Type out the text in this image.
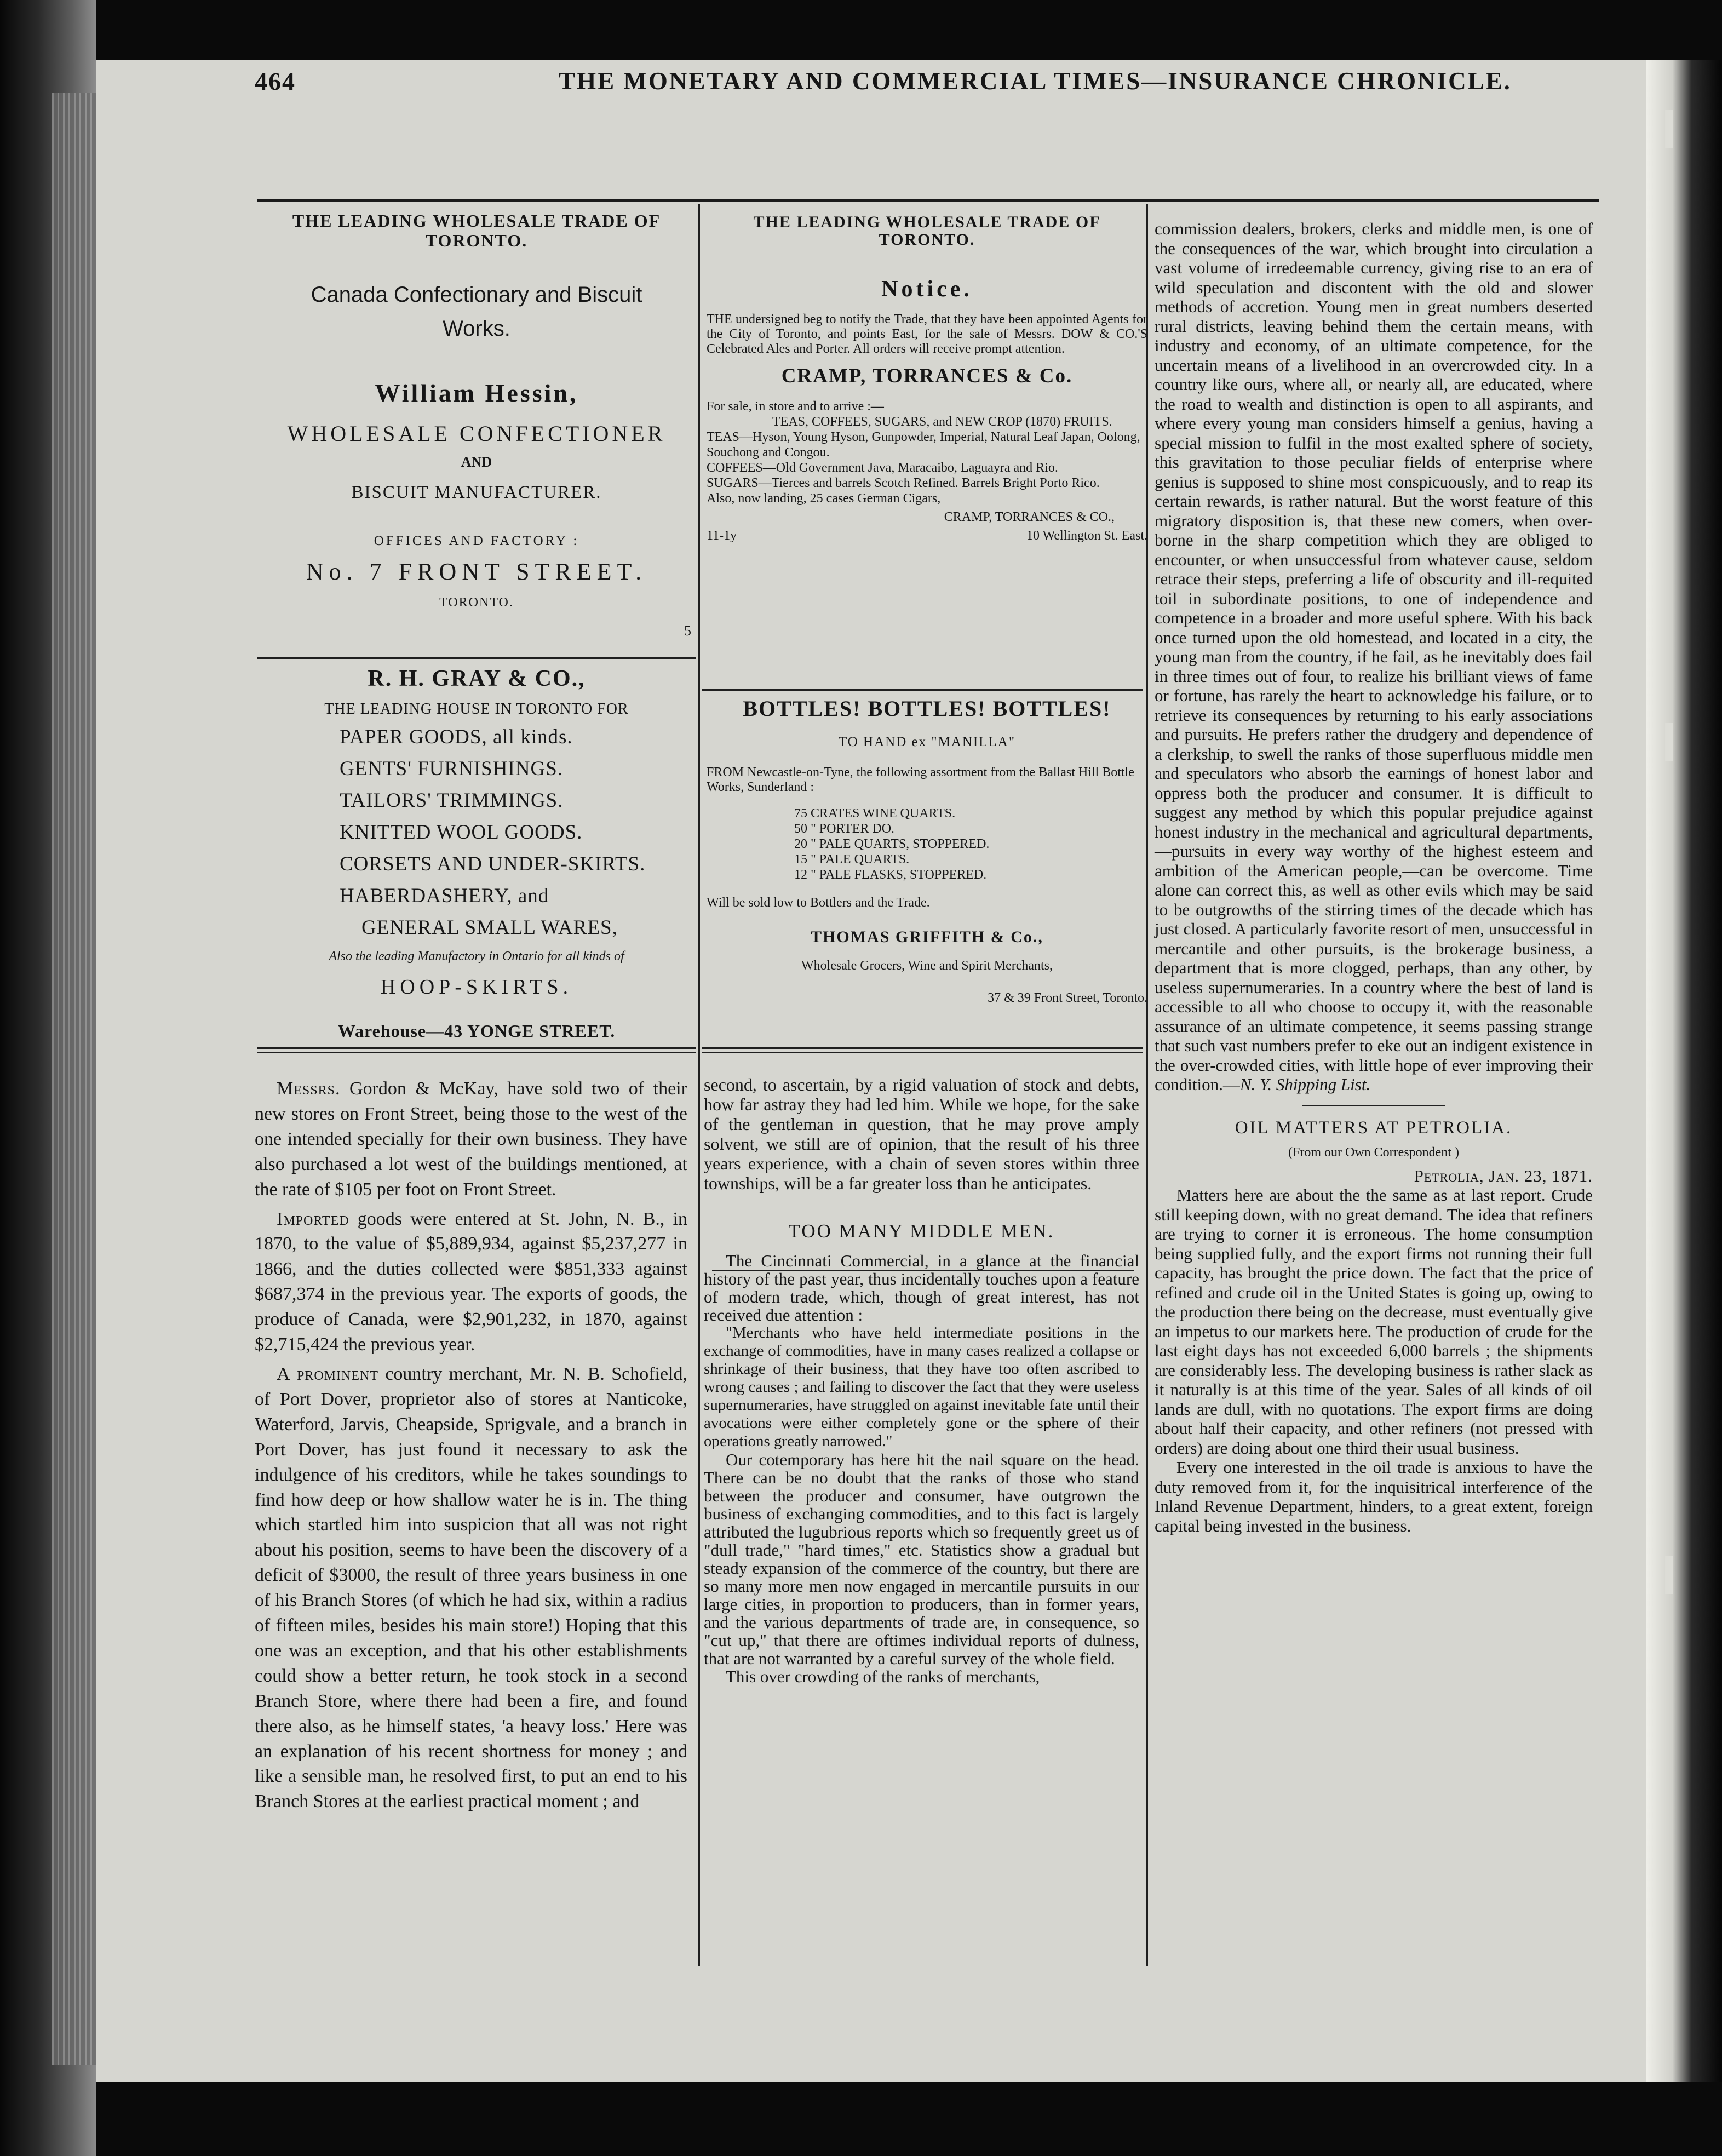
464	THE MONETARY AND COMMERCIAL TIMES—INSURANCE CHRONICLE.
THE LEADING WHOLESALE TRADE OF TORONTO.
Canada Confectionary and Biscuit Works.
William Hessin,
WHOLESALE CONFECTIONER
AND
BISCUIT MANUFACTURER.
OFFICES AND FACTORY :
No. 7 FRONT STREET.
TORONTO.
5
R. H. GRAY & CO.,
THE LEADING HOUSE IN TORONTO FOR
PAPER GOODS, all kinds.
GENTS' FURNISHINGS.
TAILORS' TRIMMINGS.
KNITTED WOOL GOODS.
CORSETS AND UNDER-SKIRTS.
HABERDASHERY, and
GENERAL SMALL WARES,
Also the leading Manufactory in Ontario for all kinds of
HOOP-SKIRTS.
Warehouse—43 YONGE STREET.
THE LEADING WHOLESALE TRADE OF TORONTO.
Notice.
THE undersigned beg to notify the Trade, that they have been appointed Agents for the City of Toronto, and points East, for the sale of Messrs. DOW & CO.'S Celebrated Ales and Porter. All orders will receive prompt attention.
CRAMP, TORRANCES & Co.
For sale, in store and to arrive :—
TEAS, COFFEES, SUGARS, and NEW CROP (1870) FRUITS.
TEAS—Hyson, Young Hyson, Gunpowder, Imperial, Natural Leaf Japan, Oolong, Souchong and Congou.
COFFEES—Old Government Java, Maracaibo, Laguayra and Rio.
SUGARS—Tierces and barrels Scotch Refined. Barrels Bright Porto Rico.
Also, now landing, 25 cases German Cigars,
CRAMP, TORRANCES & CO.,
11-1y	10 Wellington St. East.
BOTTLES! BOTTLES! BOTTLES!
TO HAND ex "MANILLA"
FROM Newcastle-on-Tyne, the following assortment from the Ballast Hill Bottle Works, Sunderland :
75 CRATES WINE QUARTS.
50 " PORTER DO.
20 " PALE QUARTS, STOPPERED.
15 " PALE QUARTS.
12 " PALE FLASKS, STOPPERED.
Will be sold low to Bottlers and the Trade.
THOMAS GRIFFITH & Co.,
Wholesale Grocers, Wine and Spirit Merchants,
37 & 39 Front Street, Toronto.

Messrs. Gordon & McKay, have sold two of their new stores on Front Street, being those to the west of the one intended specially for their own business. They have also purchased a lot west of the buildings mentioned, at the rate of $105 per foot on Front Street.

Imported goods were entered at St. John, N. B., in 1870, to the value of $5,889,934, against $5,237,277 in 1866, and the duties collected were $851,333 against $687,374 in the previous year. The exports of goods, the produce of Canada, were $2,901,232, in 1870, against $2,715,424 the previous year.

A prominent country merchant, Mr. N. B. Schofield, of Port Dover, proprietor also of stores at Nanticoke, Waterford, Jarvis, Cheapside, Sprigvale, and a branch in Port Dover, has just found it necessary to ask the indulgence of his creditors, while he takes soundings to find how deep or how shallow water he is in. The thing which startled him into suspicion that all was not right about his position, seems to have been the discovery of a deficit of $3000, the result of three years business in one of his Branch Stores (of which he had six, within a radius of fifteen miles, besides his main store!) Hoping that this one was an exception, and that his other establishments could show a better return, he took stock in a second Branch Store, where there had been a fire, and found there also, as he himself states, 'a heavy loss.' Here was an explanation of his recent shortness for money ; and like a sensible man, he resolved first, to put an end to his Branch Stores at the earliest practical moment ; and

second, to ascertain, by a rigid valuation of stock and debts, how far astray they had led him. While we hope, for the sake of the gentleman in question, that he may prove amply solvent, we still are of opinion, that the result of his three years experience, with a chain of seven stores within three townships, will be a far greater loss than he anticipates.
TOO MANY MIDDLE MEN.

The Cincinnati Commercial, in a glance at the financial history of the past year, thus incidentally touches upon a feature of modern trade, which, though of great interest, has not received due attention :

"Merchants who have held intermediate positions in the exchange of commodities, have in many cases realized a collapse or shrinkage of their business, that they have too often ascribed to wrong causes ; and failing to discover the fact that they were useless supernumeraries, have struggled on against inevitable fate until their avocations were either completely gone or the sphere of their operations greatly narrowed."

Our cotemporary has here hit the nail square on the head. There can be no doubt that the ranks of those who stand between the producer and consumer, have outgrown the business of exchanging commodities, and to this fact is largely attributed the lugubrious reports which so frequently greet us of "dull trade," "hard times," etc. Statistics show a gradual but steady expansion of the commerce of the country, but there are so many more men now engaged in mercantile pursuits in our large cities, in proportion to producers, than in former years, and the various departments of trade are, in consequence, so "cut up," that there are oftimes individual reports of dulness, that are not warranted by a careful survey of the whole field.

This over crowding of the ranks of merchants,

commission dealers, brokers, clerks and middle men, is one of the consequences of the war, which brought into circulation a vast volume of irredeemable currency, giving rise to an era of wild speculation and discontent with the old and slower methods of accretion. Young men in great numbers deserted rural districts, leaving behind them the certain means, with industry and economy, of an ultimate competence, for the uncertain means of a livelihood in an overcrowded city. In a country like ours, where all, or nearly all, are educated, where the road to wealth and distinction is open to all aspirants, and where every young man considers himself a genius, having a special mission to fulfil in the most exalted sphere of society, this gravitation to those peculiar fields of enterprise where genius is supposed to shine most conspicuously, and to reap its certain rewards, is rather natural. But the worst feature of this migratory disposition is, that these new comers, when over-borne in the sharp competition which they are obliged to encounter, or when unsuccessful from whatever cause, seldom retrace their steps, preferring a life of obscurity and ill-requited toil in subordinate positions, to one of independence and competence in a broader and more useful sphere. With his back once turned upon the old homestead, and located in a city, the young man from the country, if he fail, as he inevitably does fail in three times out of four, to realize his brilliant views of fame or fortune, has rarely the heart to acknowledge his failure, or to retrieve its consequences by returning to his early associations and pursuits. He prefers rather the drudgery and dependence of a clerkship, to swell the ranks of those superfluous middle men and speculators who absorb the earnings of honest labor and oppress both the producer and consumer. It is difficult to suggest any method by which this popular prejudice against honest industry in the mechanical and agricultural departments,—pursuits in every way worthy of the highest esteem and ambition of the American people,—can be overcome. Time alone can correct this, as well as other evils which may be said to be outgrowths of the stirring times of the decade which has just closed. A particularly favorite resort of men, unsuccessful in mercantile and other pursuits, is the brokerage business, a department that is more clogged, perhaps, than any other, by useless supernumeraries. In a country where the best of land is accessible to all who choose to occupy it, with the reasonable assurance of an ultimate competence, it seems passing strange that such vast numbers prefer to eke out an indigent existence in the over-crowded cities, with little hope of ever improving their condition.—N. Y. Shipping List.
OIL MATTERS AT PETROLIA.
(From our Own Correspondent )
Petrolia, Jan. 23, 1871.

Matters here are about the the same as at last report. Crude still keeping down, with no great demand. The idea that refiners are trying to corner it is erroneous. The home consumption being supplied fully, and the export firms not running their full capacity, has brought the price down. The fact that the price of refined and crude oil in the United States is going up, owing to the production there being on the decrease, must eventually give an impetus to our markets here. The production of crude for the last eight days has not exceeded 6,000 barrels ; the shipments are considerably less. The developing business is rather slack as it naturally is at this time of the year. Sales of all kinds of oil lands are dull, with no quotations. The export firms are doing about half their capacity, and other refiners (not pressed with orders) are doing about one third their usual business.

Every one interested in the oil trade is anxious to have the duty removed from it, for the inquisitrical interference of the Inland Revenue Department, hinders, to a great extent, foreign capital being invested in the business.
